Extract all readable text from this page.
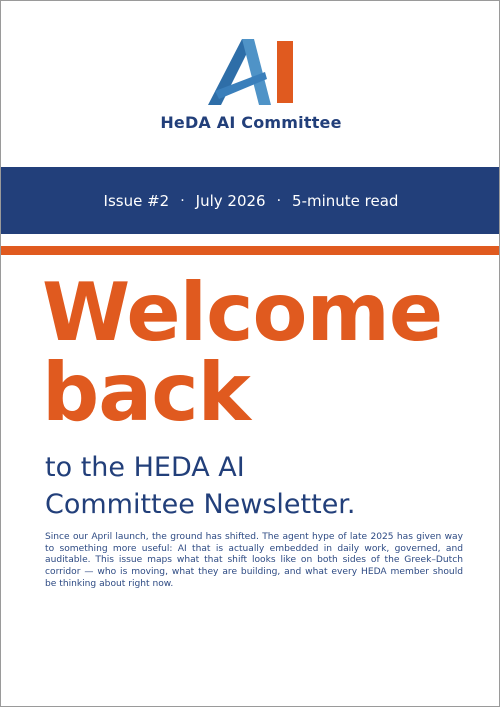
HeDA AI Committee
Issue #2 · July 2026 · 5-minute read
Welcome
back
to the HEDA AI
Committee Newsletter.

Since our April launch, the ground has shifted. The agent hype of late 2025 has given way to something more useful: AI that is actually embedded in daily work, governed, and auditable. This issue maps what that shift looks like on both sides of the Greek–Dutch corridor — who is moving, what they are building, and what every HEDA member should be thinking about right now.
